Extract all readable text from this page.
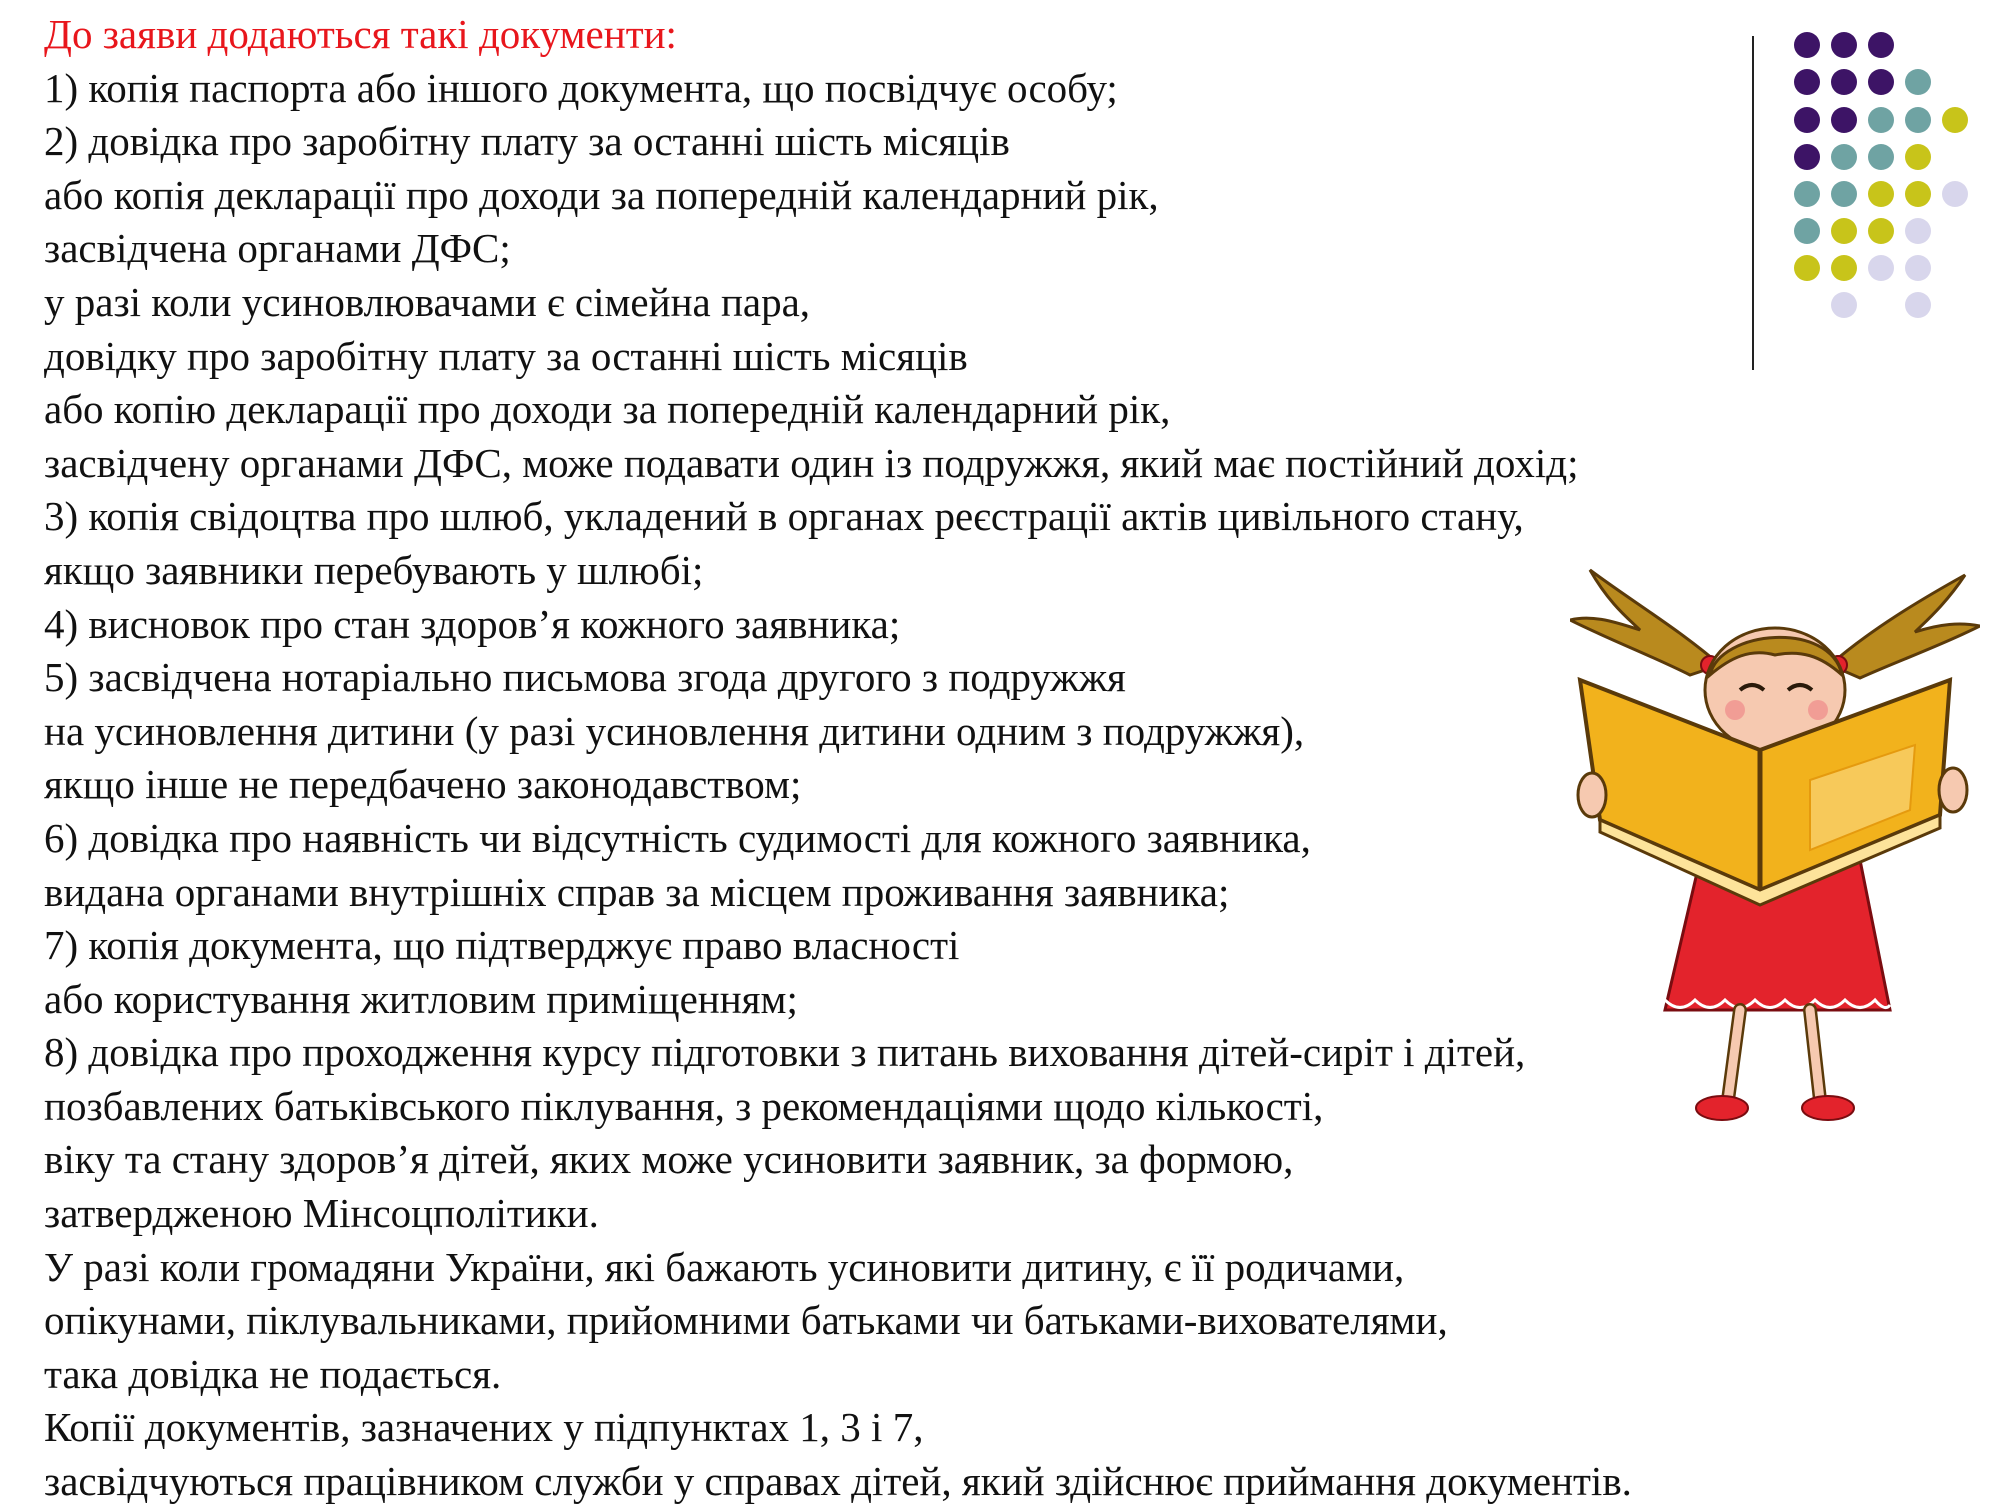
До заяви додаються такі документи:
1) копія паспорта або іншого документа, що посвідчує особу;
2) довідка про заробітну плату за останні шість місяців
або копія декларації про доходи за попередній календарний рік,
засвідчена органами ДФС;
у разі коли усиновлювачами є сімейна пара,
довідку про заробітну плату за останні шість місяців
або копію декларації про доходи за попередній календарний рік,
засвідчену органами ДФС, може подавати один із подружжя, який має постійний дохід;
3) копія свідоцтва про шлюб, укладений в органах реєстрації актів цивільного стану,
якщо заявники перебувають у шлюбі;
4) висновок про стан здоров’я кожного заявника;
5) засвідчена нотаріально письмова згода другого з подружжя
на усиновлення дитини (у разі усиновлення дитини одним з подружжя),
якщо інше не передбачено законодавством;
6) довідка про наявність чи відсутність судимості для кожного заявника,
видана органами внутрішніх справ за місцем проживання заявника;
7) копія документа, що підтверджує право власності
або користування житловим приміщенням;
8) довідка про проходження курсу підготовки з питань виховання дітей-сиріт і дітей,
позбавлених батьківського піклування, з рекомендаціями щодо кількості,
віку та стану здоров’я дітей, яких може усиновити заявник, за формою,
затвердженою Мінсоцполітики.
У разі коли громадяни України, які бажають усиновити дитину, є її родичами,
опікунами, піклувальниками, прийомними батьками чи батьками-вихователями,
така довідка не подається.
Копії документів, зазначених у підпунктах 1, 3 і 7,
засвідчуються працівником служби у справах дітей, який здійснює приймання документів.
